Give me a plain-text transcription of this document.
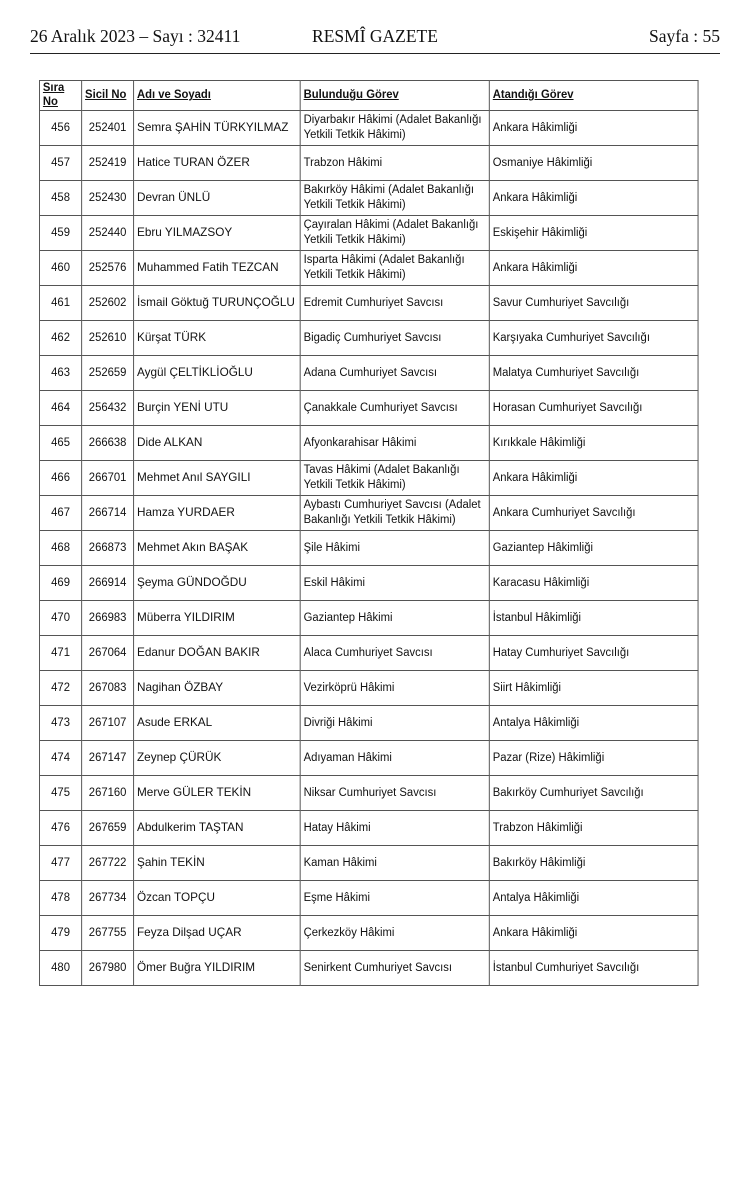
26 Aralık 2023 – Sayı : 32411	RESMÎ GAZETE	Sayfa : 55
Sıra No	Sicil No	Adı ve Soyadı	Bulunduğu Görev	Atandığı Görev
456	252401	Semra ŞAHİN TÜRKYILMAZ	Diyarbakır Hâkimi (Adalet Bakanlığı Yetkili Tetkik Hâkimi)	Ankara Hâkimliği
457	252419	Hatice TURAN ÖZER	Trabzon Hâkimi	Osmaniye Hâkimliği
458	252430	Devran ÜNLÜ	Bakırköy Hâkimi (Adalet Bakanlığı Yetkili Tetkik Hâkimi)	Ankara Hâkimliği
459	252440	Ebru YILMAZSOY	Çayıralan Hâkimi (Adalet Bakanlığı Yetkili Tetkik Hâkimi)	Eskişehir Hâkimliği
460	252576	Muhammed Fatih TEZCAN	Isparta Hâkimi (Adalet Bakanlığı Yetkili Tetkik Hâkimi)	Ankara Hâkimliği
461	252602	İsmail Göktuğ TURUNÇOĞLU	Edremit Cumhuriyet Savcısı	Savur Cumhuriyet Savcılığı
462	252610	Kürşat TÜRK	Bigadiç Cumhuriyet Savcısı	Karşıyaka Cumhuriyet Savcılığı
463	252659	Aygül ÇELTİKLİOĞLU	Adana Cumhuriyet Savcısı	Malatya Cumhuriyet Savcılığı
464	256432	Burçin YENİ UTU	Çanakkale Cumhuriyet Savcısı	Horasan Cumhuriyet Savcılığı
465	266638	Dide ALKAN	Afyonkarahisar Hâkimi	Kırıkkale Hâkimliği
466	266701	Mehmet Anıl SAYGILI	Tavas Hâkimi (Adalet Bakanlığı Yetkili Tetkik Hâkimi)	Ankara Hâkimliği
467	266714	Hamza YURDAER	Aybastı Cumhuriyet Savcısı (Adalet Bakanlığı Yetkili Tetkik Hâkimi)	Ankara Cumhuriyet Savcılığı
468	266873	Mehmet Akın BAŞAK	Şile Hâkimi	Gaziantep Hâkimliği
469	266914	Şeyma GÜNDOĞDU	Eskil Hâkimi	Karacasu Hâkimliği
470	266983	Müberra YILDIRIM	Gaziantep Hâkimi	İstanbul Hâkimliği
471	267064	Edanur DOĞAN BAKIR	Alaca Cumhuriyet Savcısı	Hatay Cumhuriyet Savcılığı
472	267083	Nagihan ÖZBAY	Vezirköprü Hâkimi	Siirt Hâkimliği
473	267107	Asude ERKAL	Divriği Hâkimi	Antalya Hâkimliği
474	267147	Zeynep ÇÜRÜK	Adıyaman Hâkimi	Pazar (Rize) Hâkimliği
475	267160	Merve GÜLER TEKİN	Niksar Cumhuriyet Savcısı	Bakırköy Cumhuriyet Savcılığı
476	267659	Abdulkerim TAŞTAN	Hatay Hâkimi	Trabzon Hâkimliği
477	267722	Şahin TEKİN	Kaman Hâkimi	Bakırköy Hâkimliği
478	267734	Özcan TOPÇU	Eşme Hâkimi	Antalya Hâkimliği
479	267755	Feyza Dilşad UÇAR	Çerkezköy Hâkimi	Ankara Hâkimliği
480	267980	Ömer Buğra YILDIRIM	Senirkent Cumhuriyet Savcısı	İstanbul Cumhuriyet Savcılığı
